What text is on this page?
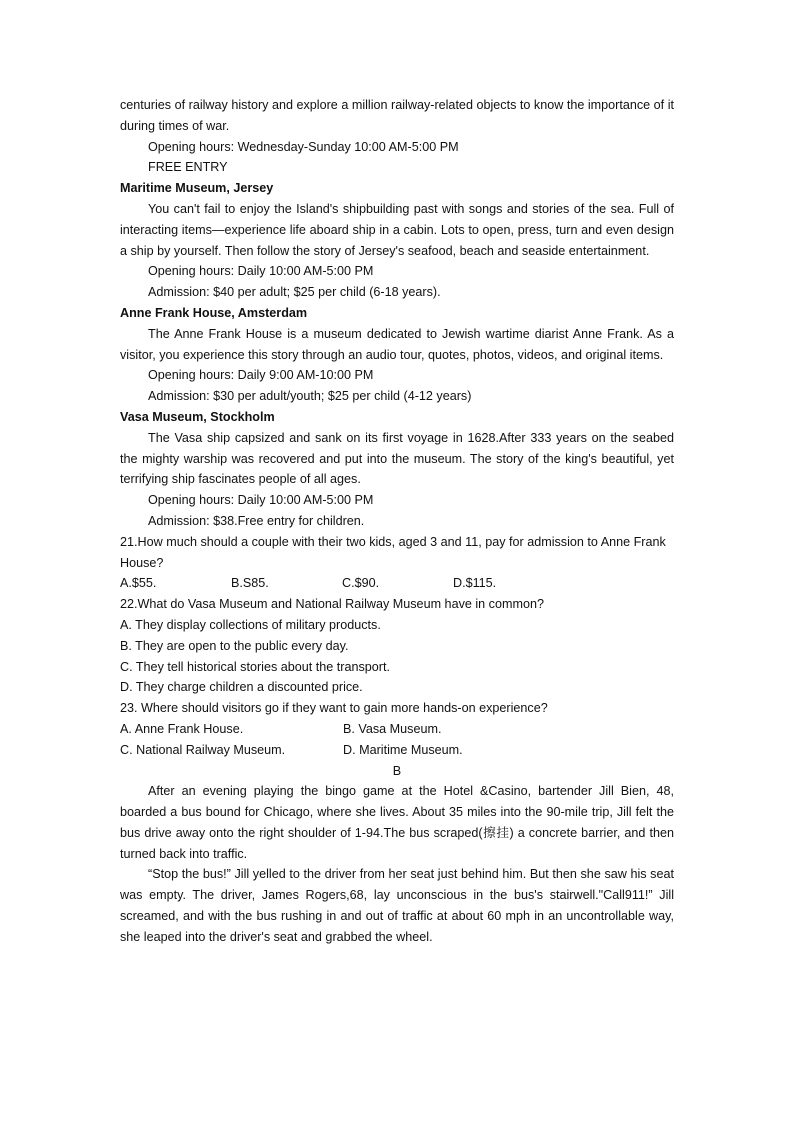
centuries of railway history and explore a million railway-related objects to know the importance of it during times of war.

Opening hours: Wednesday-Sunday 10:00 AM-5:00 PM

FREE ENTRY

Maritime Museum, Jersey

You can't fail to enjoy the Island's shipbuilding past with songs and stories of the sea. Full of interacting items—experience life aboard ship in a cabin. Lots to open, press, turn and even design a ship by yourself. Then follow the story of Jersey's seafood, beach and seaside entertainment.

Opening hours: Daily 10:00 AM-5:00 PM

Admission: $40 per adult; $25 per child (6-18 years).

Anne Frank House, Amsterdam

The Anne Frank House is a museum dedicated to Jewish wartime diarist Anne Frank. As a visitor, you experience this story through an audio tour, quotes, photos, videos, and original items.

Opening hours: Daily 9:00 AM-10:00 PM

Admission: $30 per adult/youth; $25 per child (4-12 years)

Vasa Museum, Stockholm

The Vasa ship capsized and sank on its first voyage in 1628.After 333 years on the seabed the mighty warship was recovered and put into the museum. The story of the king's beautiful, yet terrifying ship fascinates people of all ages.

Opening hours: Daily 10:00 AM-5:00 PM

Admission: $38.Free entry for children.

21.How much should a couple with their two kids, aged 3 and 11, pay for admission to Anne Frank House?

A.$55.	B.S85.	C.$90.	D.$115.

22.What do Vasa Museum and National Railway Museum have in common?

A. They display collections of military products.

B. They are open to the public every day.

C. They tell historical stories about the transport.

D. They charge children a discounted price.

23. Where should visitors go if they want to gain more hands-on experience?

A. Anne Frank House.	B. Vasa Museum.
C. National Railway Museum.	D. Maritime Museum.

B

After an evening playing the bingo game at the Hotel &Casino, bartender Jill Bien, 48, boarded a bus bound for Chicago, where she lives. About 35 miles into the 90-mile trip, Jill felt the bus drive away onto the right shoulder of 1-94.The bus scraped(擦挂) a concrete barrier, and then turned back into traffic.

“Stop the bus!” Jill yelled to the driver from her seat just behind him. But then she saw his seat was empty. The driver, James Rogers,68, lay unconscious in the bus's stairwell."Call911!” Jill screamed, and with the bus rushing in and out of traffic at about 60 mph in an uncontrollable way, she leaped into the driver's seat and grabbed the wheel.
